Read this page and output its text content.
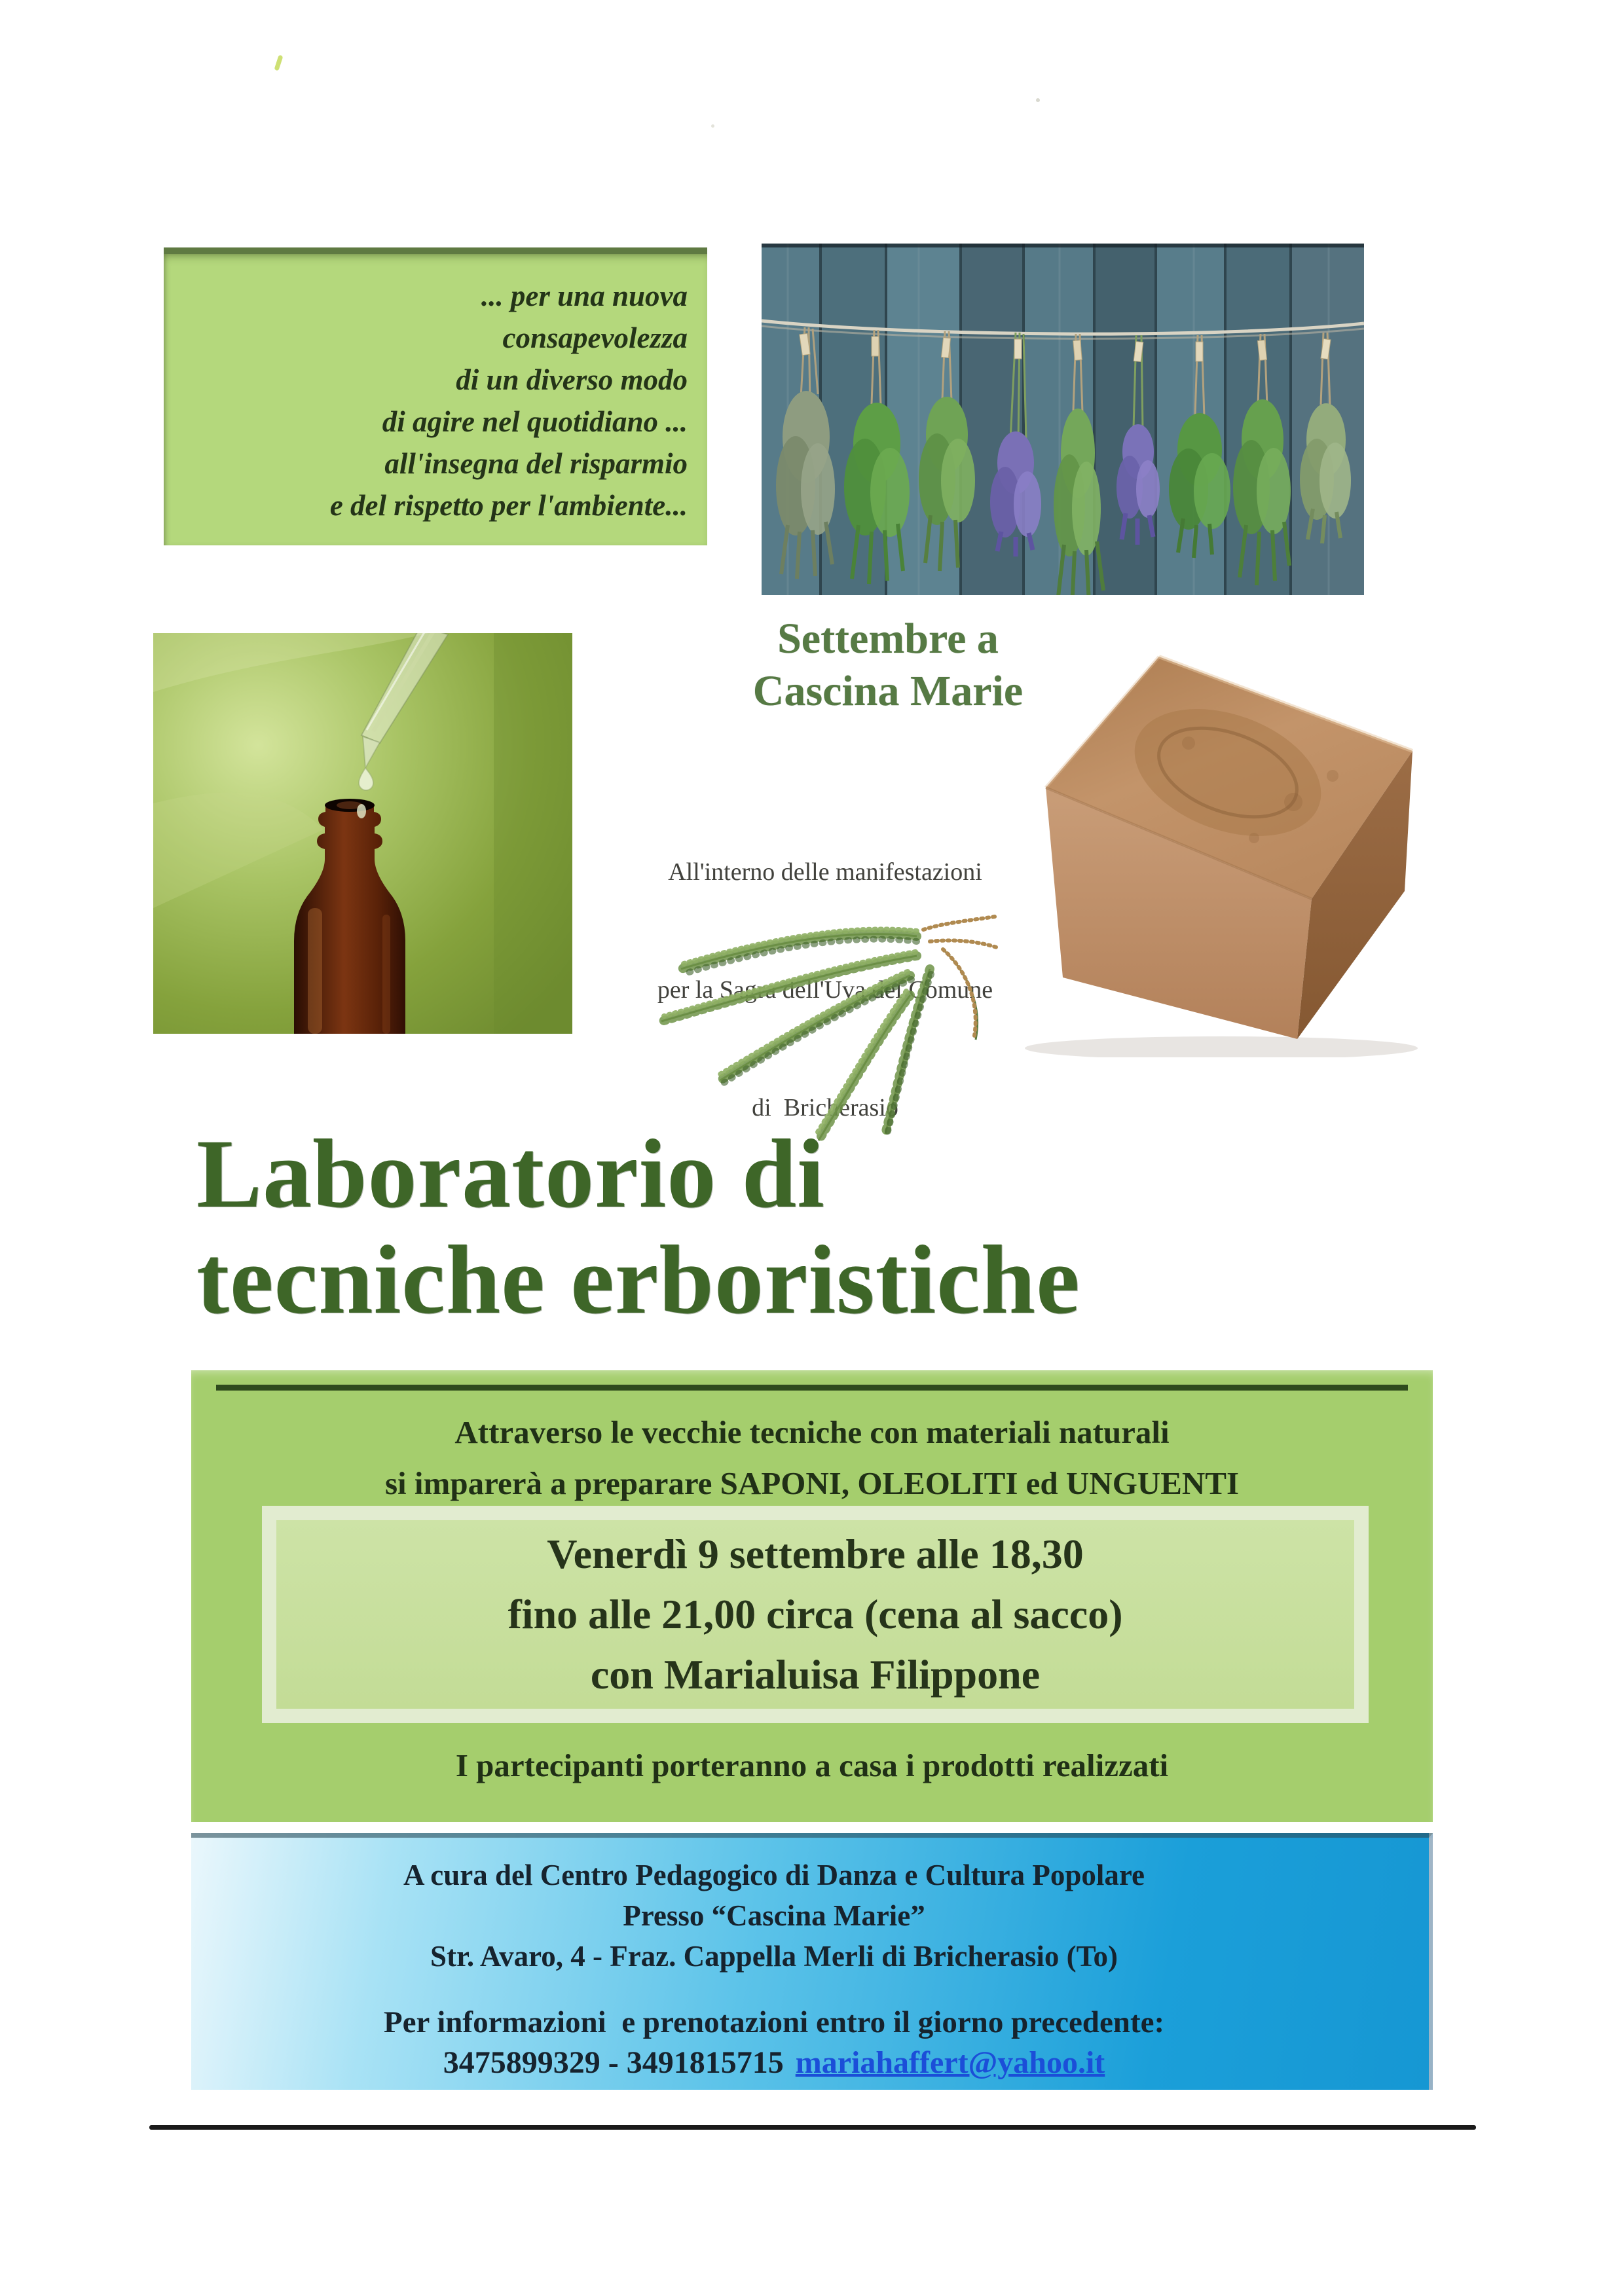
... per una nuova
consapevolezza
di un diverso modo
di agire nel quotidiano ...
all'insegna del risparmio
e del rispetto per l'ambiente...
Settembre a
Cascina Marie

All'interno delle manifestazioni

per la Sagra dell'Uva del Comune

di  Bricherasio

Laboratorio di
tecniche erboristiche
Attraverso le vecchie tecniche con materiali naturali
si imparerà a preparare SAPONI, OLEOLITI ed UNGUENTI
Venerdì 9 settembre alle 18,30
fino alle 21,00 circa (cena al sacco)
con Marialuisa Filippone
I partecipanti porteranno a casa i prodotti realizzati
A cura del Centro Pedagogico di Danza e Cultura Popolare
Presso “Cascina Marie”
Str. Avaro, 4 - Fraz. Cappella Merli di Bricherasio (To)
Per informazioni  e prenotazioni entro il giorno precedente:
3475899329 - 3491815715 mariahaffert@yahoo.it
